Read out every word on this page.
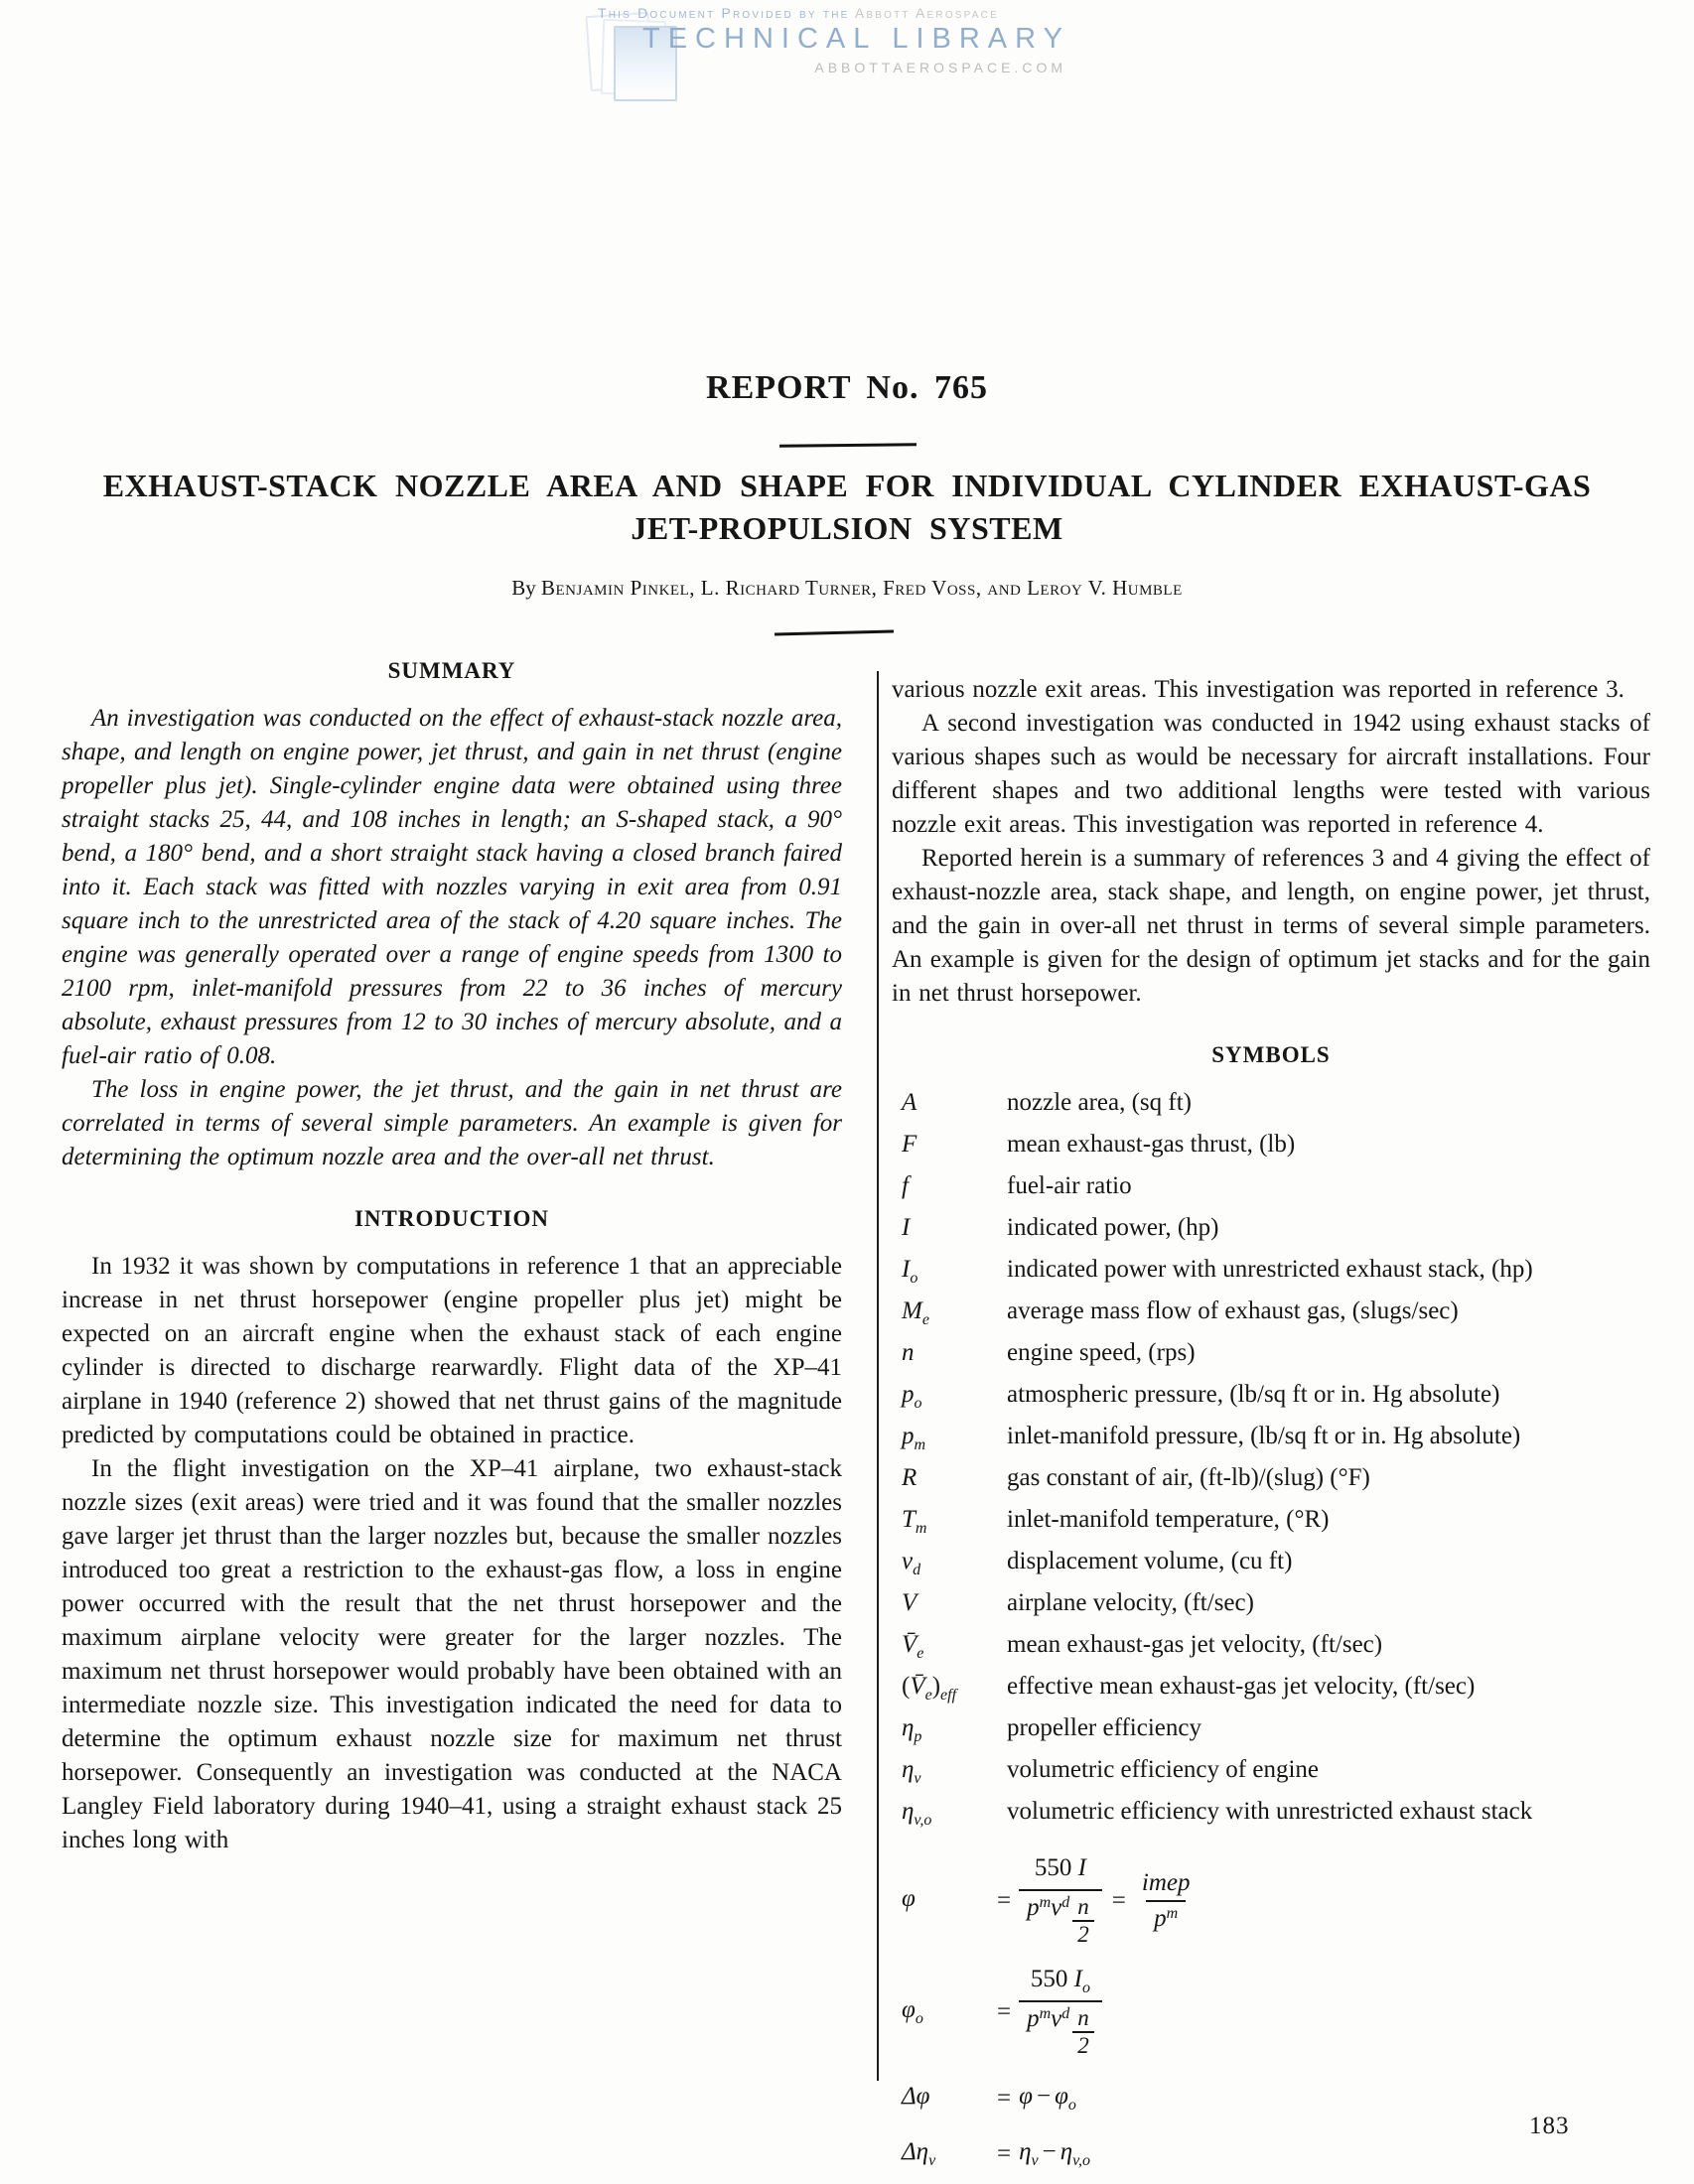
This Document Provided by the Abbott Aerospace
TECHNICAL LIBRARY
ABBOTTAEROSPACE.COM
REPORT No. 765
EXHAUST-STACK NOZZLE AREA AND SHAPE FOR INDIVIDUAL CYLINDER EXHAUST-GAS
JET-PROPULSION SYSTEM
By Benjamin Pinkel, L. Richard Turner, Fred Voss, and Leroy V. Humble
SUMMARY

An investigation was conducted on the effect of exhaust-stack nozzle area, shape, and length on engine power, jet thrust, and gain in net thrust (engine propeller plus jet). Single-cylinder engine data were obtained using three straight stacks 25, 44, and 108 inches in length; an S-shaped stack, a 90° bend, a 180° bend, and a short straight stack having a closed branch faired into it. Each stack was fitted with nozzles varying in exit area from 0.91 square inch to the unrestricted area of the stack of 4.20 square inches. The engine was generally operated over a range of engine speeds from 1300 to 2100 rpm, inlet-manifold pressures from 22 to 36 inches of mercury absolute, exhaust pressures from 12 to 30 inches of mercury absolute, and a fuel-air ratio of 0.08.

The loss in engine power, the jet thrust, and the gain in net thrust are correlated in terms of several simple parameters. An example is given for determining the optimum nozzle area and the over-all net thrust.

INTRODUCTION

In 1932 it was shown by computations in reference 1 that an appreciable increase in net thrust horsepower (engine propeller plus jet) might be expected on an aircraft engine when the exhaust stack of each engine cylinder is directed to discharge rearwardly. Flight data of the XP–41 airplane in 1940 (reference 2) showed that net thrust gains of the magnitude predicted by computations could be obtained in practice.

In the flight investigation on the XP–41 airplane, two exhaust-stack nozzle sizes (exit areas) were tried and it was found that the smaller nozzles gave larger jet thrust than the larger nozzles but, because the smaller nozzles introduced too great a restriction to the exhaust-gas flow, a loss in engine power occurred with the result that the net thrust horsepower and the maximum airplane velocity were greater for the larger nozzles. The maximum net thrust horsepower would probably have been obtained with an intermediate nozzle size. This investigation indicated the need for data to determine the optimum exhaust nozzle size for maximum net thrust horsepower. Consequently an investigation was conducted at the NACA Langley Field laboratory during 1940–41, using a straight exhaust stack 25 inches long with

various nozzle exit areas. This investigation was reported in reference 3.

A second investigation was conducted in 1942 using exhaust stacks of various shapes such as would be necessary for aircraft installations. Four different shapes and two additional lengths were tested with various nozzle exit areas. This investigation was reported in reference 4.

Reported herein is a summary of references 3 and 4 giving the effect of exhaust-nozzle area, stack shape, and length, on engine power, jet thrust, and the gain in over-all net thrust in terms of several simple parameters. An example is given for the design of optimum jet stacks and for the gain in net thrust horsepower.

SYMBOLS
A	nozzle area, (sq ft)
F	mean exhaust-gas thrust, (lb)
f	fuel-air ratio
I	indicated power, (hp)
$I_o$	indicated power with unrestricted exhaust stack, (hp)
$M_e$	average mass flow of exhaust gas, (slugs/sec)
n	engine speed, (rps)
$p_o$	atmospheric pressure, (lb/sq ft or in. Hg absolute)
$p_m$	inlet-manifold pressure, (lb/sq ft or in. Hg absolute)
R	gas constant of air, (ft-lb)/(slug) (°F)
$T_m$	inlet-manifold temperature, (°R)
$v_d$	displacement volume, (cu ft)
V	airplane velocity, (ft/sec)
$V̄_e$	mean exhaust-gas jet velocity, (ft/sec)
$(V̄_e)_{eff}$	effective mean exhaust-gas jet velocity, (ft/sec)
$\eta_p$	propeller efficiency
$\eta_v$	volumetric efficiency of engine
$\eta_{v,o}$	volumetric efficiency with unrestricted exhaust stack
φ	= 550 I
$p^m$ $v^d$ n
$2 = \frac{\text{imep}}{p^m}$
$\varphi_o$	= 550 $I_o$
$p^m$ $v^d$ n
2
Δφ	= $\varphi - \varphi_o$
$\Delta\eta_v$	= $\eta_v - \eta_{v,o}$
183
